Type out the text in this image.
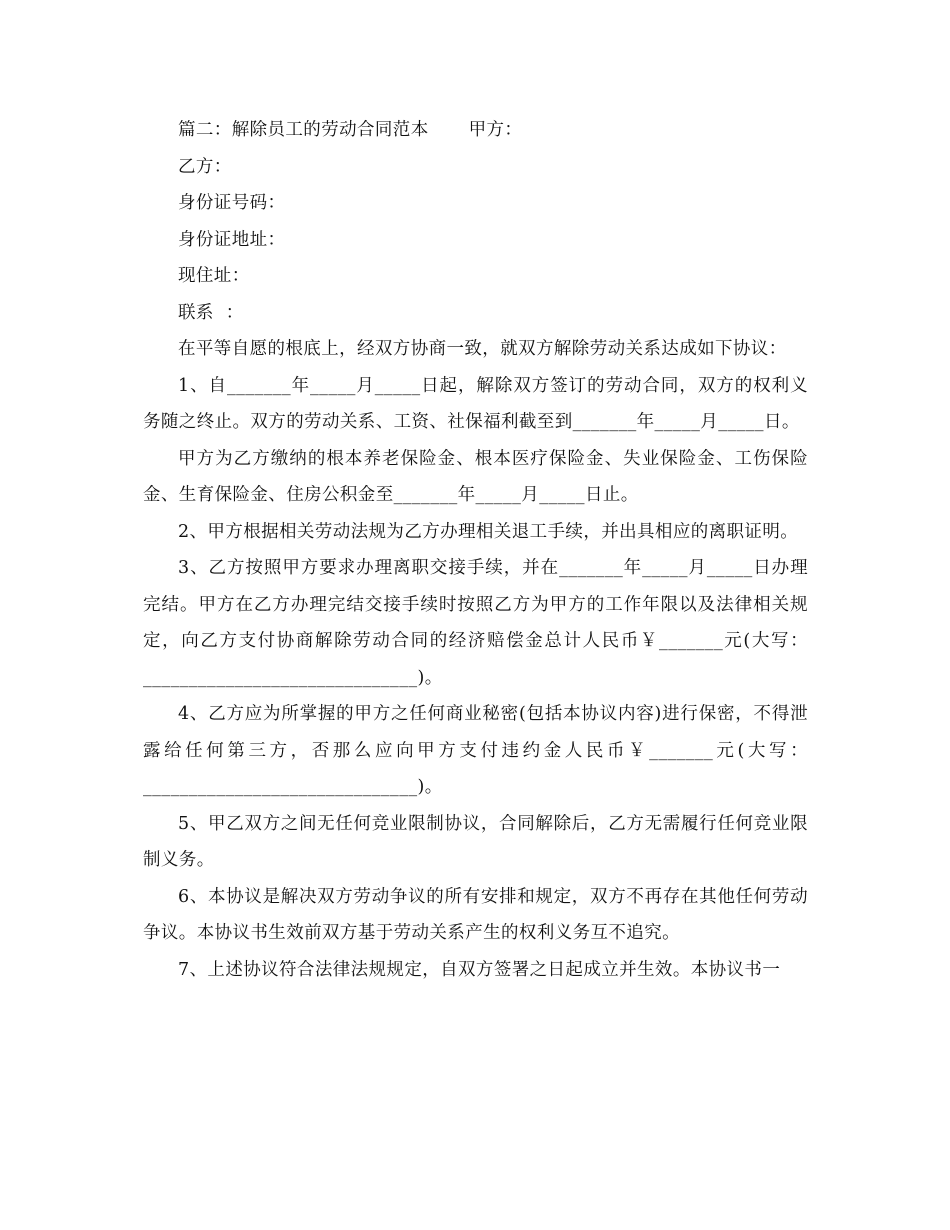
篇二：解除员工的劳动合同范本 甲方：

乙方：

身份证号码：

身份证地址：

现住址：

联系  ：

在平等自愿的根底上，经双方协商一致，就双方解除劳动关系达成如下协议：

1、自_______年_____月_____日起，解除双方签订的劳动合同，双方的权利义务随之终止。双方的劳动关系、工资、社保福利截至到_______年_____月_____日。

甲方为乙方缴纳的根本养老保险金、根本医疗保险金、失业保险金、工伤保险金、生育保险金、住房公积金至_______年_____月_____日止。

2、甲方根据相关劳动法规为乙方办理相关退工手续，并出具相应的离职证明。

3、乙方按照甲方要求办理离职交接手续，并在_______年_____月_____日办理完结。甲方在乙方办理完结交接手续时按照乙方为甲方的工作年限以及法律相关规定，向乙方支付协商解除劳动合同的经济赔偿金总计人民币￥_______元(大写：______________________________)。

4、乙方应为所掌握的甲方之任何商业秘密(包括本协议内容)进行保密，不得泄露给任何第三方，否那么应向甲方支付违约金人民币￥_______元(大写：______________________________)。

5、甲乙双方之间无任何竞业限制协议，合同解除后，乙方无需履行任何竞业限制义务。

6、本协议是解决双方劳动争议的所有安排和规定，双方不再存在其他任何劳动争议。本协议书生效前双方基于劳动关系产生的权利义务互不追究。

7、上述协议符合法律法规规定，自双方签署之日起成立并生效。本协议书一
